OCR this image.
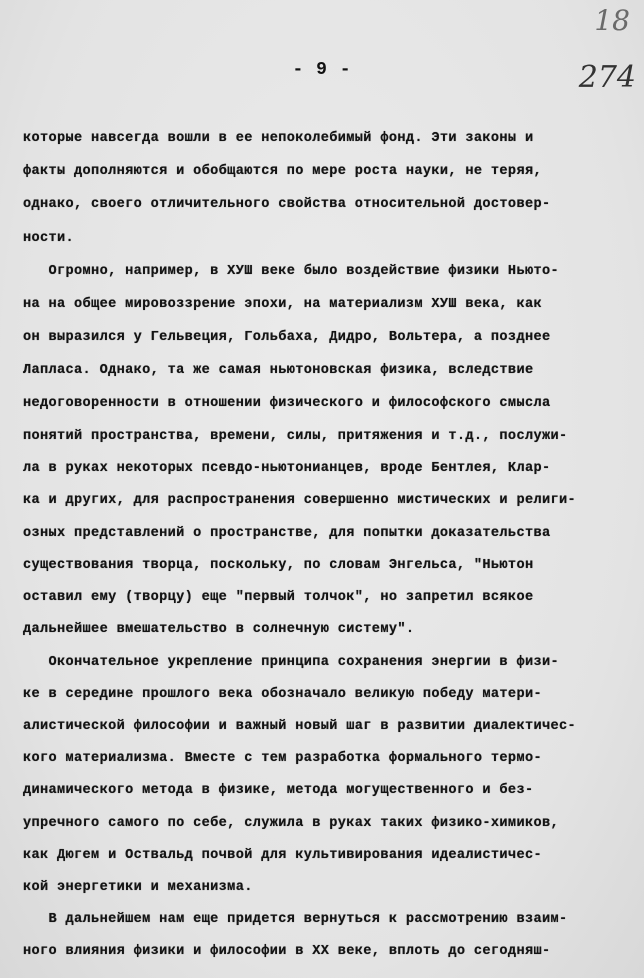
18
274
- 9 -
которые навсегда вошли в ее непоколебимый фонд. Эти законы и
факты дополняются и обобщаются по мере роста науки, не теряя,
однако, своего отличительного свойства относительной достовер-
ности.
Огромно, например, в ХУШ веке было воздействие физики Ньюто-
на на общее мировоззрение эпохи, на материализм ХУШ века, как
он выразился у Гельвеция, Гольбаха, Дидро, Вольтера, а позднее
Лапласа. Однако, та же самая ньютоновская физика, вследствие
недоговоренности в отношении физического и философского смысла
понятий пространства, времени, силы, притяжения и т.д., послужи-
ла в руках некоторых псевдо-ньютонианцев, вроде Бентлея, Клар-
ка и других, для распространения совершенно мистических и религи-
озных представлений о пространстве, для попытки доказательства
существования творца, поскольку, по словам Энгельса, "Ньютон
оставил ему (творцу) еще "первый толчок", но запретил всякое
дальнейшее вмешательство в солнечную систему".
Окончательное укрепление принципа сохранения энергии в физи-
ке в середине прошлого века обозначало великую победу матери-
алистической философии и важный новый шаг в развитии диалектичес-
кого материализма. Вместе с тем разработка формального термо-
динамического метода в физике, метода могущественного и без-
упречного самого по себе, служила в руках таких физико-химиков,
как Дюгем и Оствальд почвой для культивирования идеалистичес-
кой энергетики и механизма.
В дальнейшем нам еще придется вернуться к рассмотрению взаим-
ного влияния физики и философии в ХХ веке, вплоть до сегодняш-
